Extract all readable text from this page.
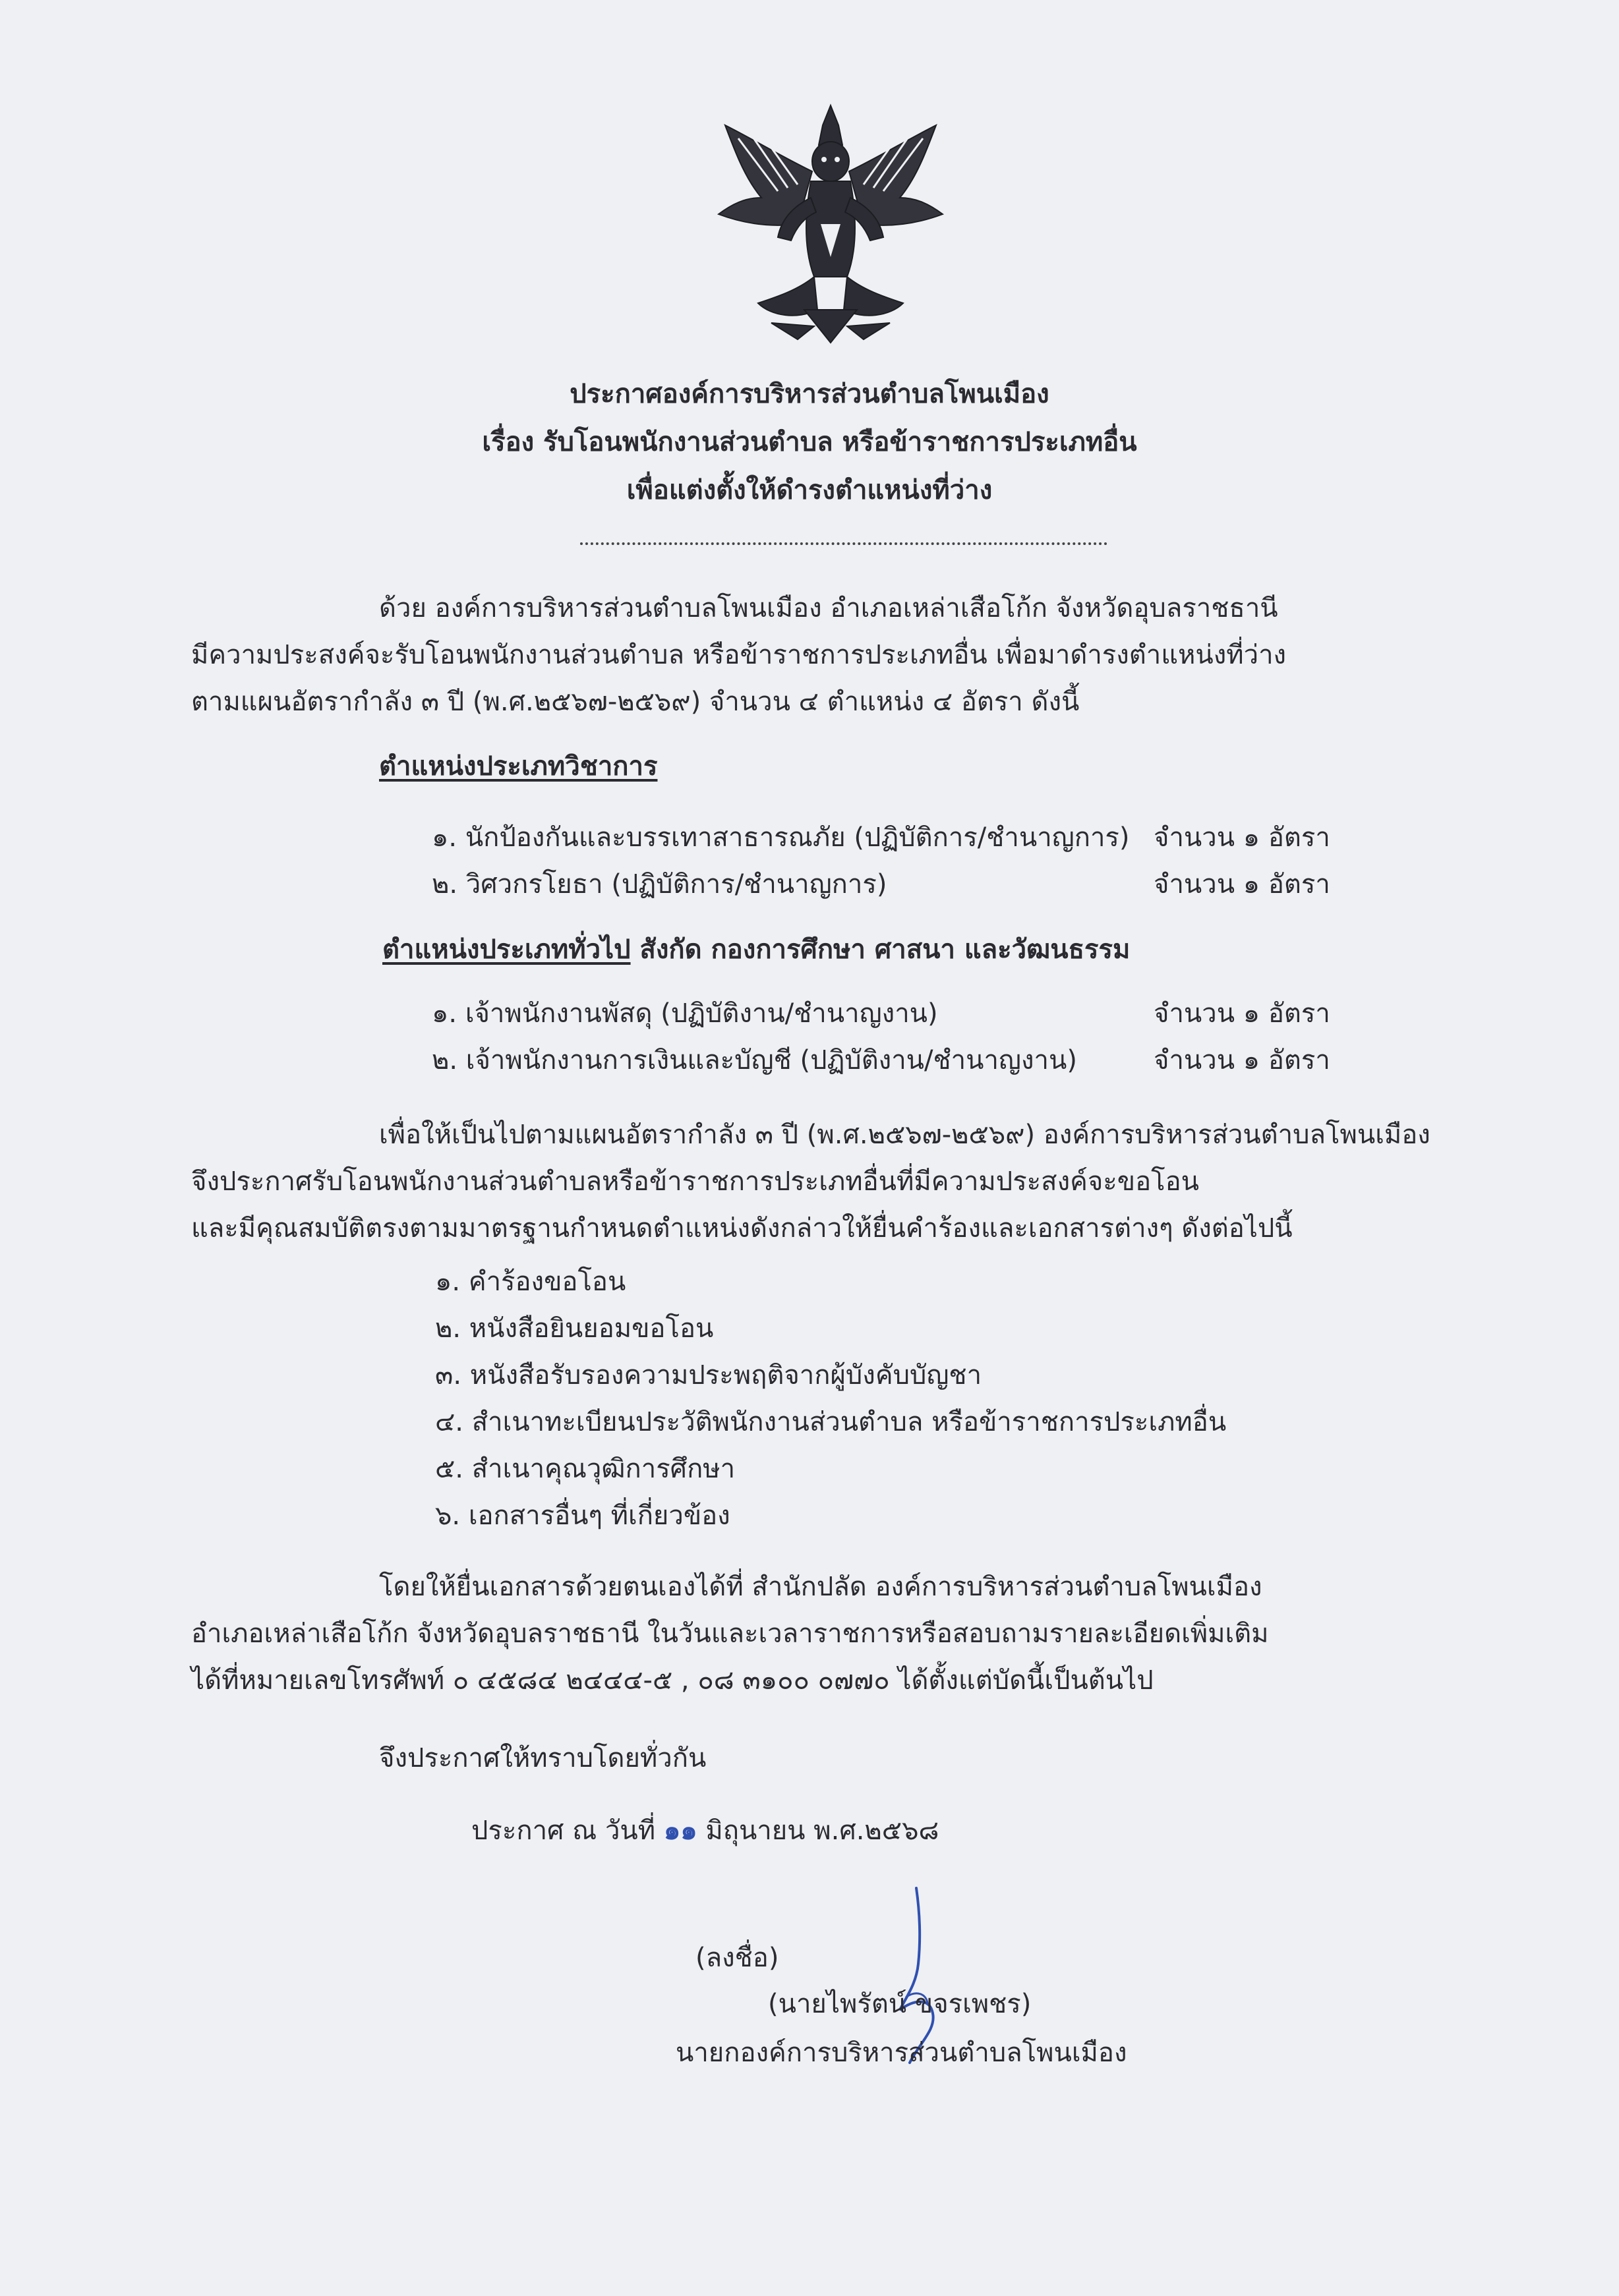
ประกาศองค์การบริหารส่วนตำบลโพนเมือง
เรื่อง รับโอนพนักงานส่วนตำบล หรือข้าราชการประเภทอื่น
เพื่อแต่งตั้งให้ดำรงตำแหน่งที่ว่าง
ด้วย องค์การบริหารส่วนตำบลโพนเมือง อำเภอเหล่าเสือโก้ก จังหวัดอุบลราชธานี
มีความประสงค์จะรับโอนพนักงานส่วนตำบล หรือข้าราชการประเภทอื่น เพื่อมาดำรงตำแหน่งที่ว่าง
ตามแผนอัตรากำลัง ๓ ปี (พ.ศ.๒๕๖๗-๒๕๖๙) จำนวน ๔ ตำแหน่ง ๔ อัตรา ดังนี้
ตำแหน่งประเภทวิชาการ
๑. นักป้องกันและบรรเทาสาธารณภัย (ปฏิบัติการ/ชำนาญการ) จำนวน ๑ อัตรา
๒. วิศวกรโยธา (ปฏิบัติการ/ชำนาญการ)	จำนวน ๑ อัตรา
ตำแหน่งประเภททั่วไป สังกัด กองการศึกษา ศาสนา และวัฒนธรรม
๑. เจ้าพนักงานพัสดุ (ปฏิบัติงาน/ชำนาญงาน)	จำนวน ๑ อัตรา
๒. เจ้าพนักงานการเงินและบัญชี (ปฏิบัติงาน/ชำนาญงาน)	จำนวน ๑ อัตรา
เพื่อให้เป็นไปตามแผนอัตรากำลัง ๓ ปี (พ.ศ.๒๕๖๗-๒๕๖๙) องค์การบริหารส่วนตำบลโพนเมือง
จึงประกาศรับโอนพนักงานส่วนตำบลหรือข้าราชการประเภทอื่นที่มีความประสงค์จะขอโอน
และมีคุณสมบัติตรงตามมาตรฐานกำหนดตำแหน่งดังกล่าวให้ยื่นคำร้องและเอกสารต่างๆ ดังต่อไปนี้
๑. คำร้องขอโอน
๒. หนังสือยินยอมขอโอน
๓. หนังสือรับรองความประพฤติจากผู้บังคับบัญชา
๔. สำเนาทะเบียนประวัติพนักงานส่วนตำบล หรือข้าราชการประเภทอื่น
๕. สำเนาคุณวุฒิการศึกษา
๖. เอกสารอื่นๆ ที่เกี่ยวข้อง
โดยให้ยื่นเอกสารด้วยตนเองได้ที่ สำนักปลัด องค์การบริหารส่วนตำบลโพนเมือง
อำเภอเหล่าเสือโก้ก จังหวัดอุบลราชธานี ในวันและเวลาราชการหรือสอบถามรายละเอียดเพิ่มเติม
ได้ที่หมายเลขโทรศัพท์ ๐ ๔๕๘๔ ๒๔๔๔-๕ , ๐๘ ๓๑๐๐ ๐๗๗๐ ได้ตั้งแต่บัดนี้เป็นต้นไป
จึงประกาศให้ทราบโดยทั่วกัน
ประกาศ ณ วันที่ ๑๑ มิถุนายน พ.ศ.๒๕๖๘
(ลงชื่อ)
(นายไพรัตน์ ขจรเพชร)
นายกองค์การบริหารส่วนตำบลโพนเมือง
